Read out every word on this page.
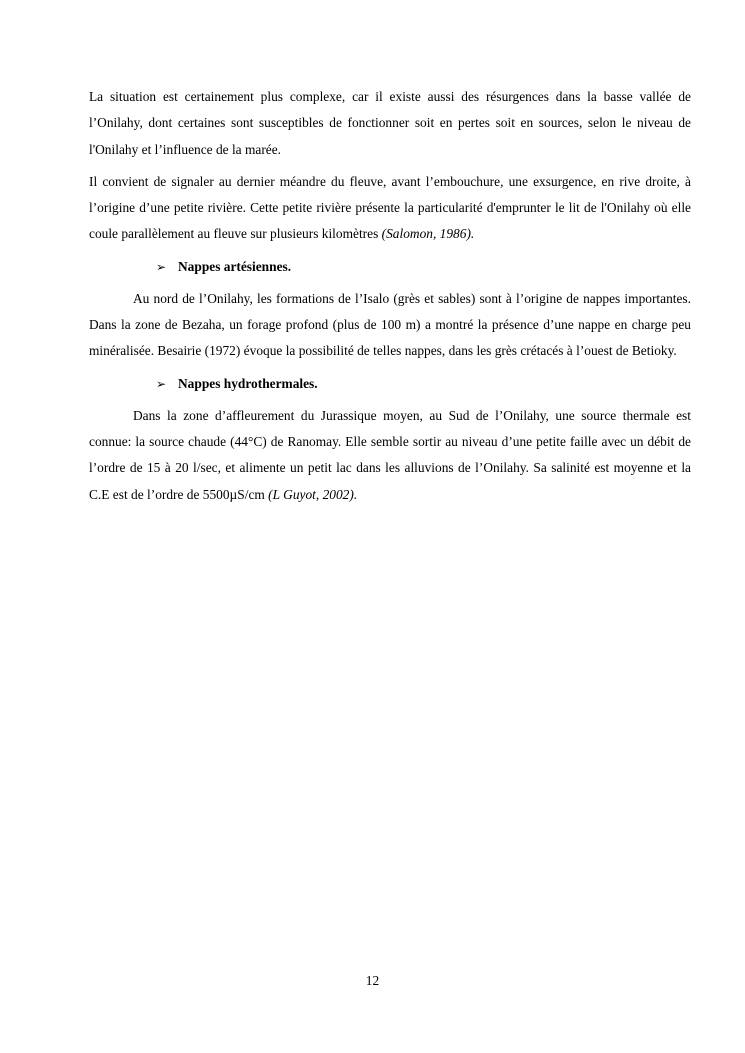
La situation est certainement plus complexe, car il existe aussi des résurgences dans la basse vallée de l’Onilahy, dont certaines sont susceptibles de fonctionner soit en pertes soit en sources, selon le niveau de l'Onilahy et l’influence de la marée.

Il convient de signaler au dernier méandre du fleuve, avant l’embouchure, une exsurgence, en rive droite, à l’origine d’une petite rivière. Cette petite rivière présente la particularité d'emprunter le lit de l'Onilahy où elle coule parallèlement au fleuve sur plusieurs kilomètres (Salomon, 1986).

➢ Nappes artésiennes.

Au nord de l’Onilahy, les formations de l’Isalo (grès et sables) sont à l’origine de nappes importantes. Dans la zone de Bezaha, un forage profond (plus de 100 m) a montré la présence d’une nappe en charge peu minéralisée. Besairie (1972) évoque la possibilité de telles nappes, dans les grès crétacés à l’ouest de Betioky.

➢ Nappes hydrothermales.

Dans la zone d’affleurement du Jurassique moyen, au Sud de l’Onilahy, une source thermale est connue: la source chaude (44°C) de Ranomay. Elle semble sortir au niveau d’une petite faille avec un débit de l’ordre de 15 à 20 l/sec, et alimente un petit lac dans les alluvions de l’Onilahy. Sa salinité est moyenne et la C.E est de l’ordre de 5500µS/cm (L Guyot, 2002).

12
